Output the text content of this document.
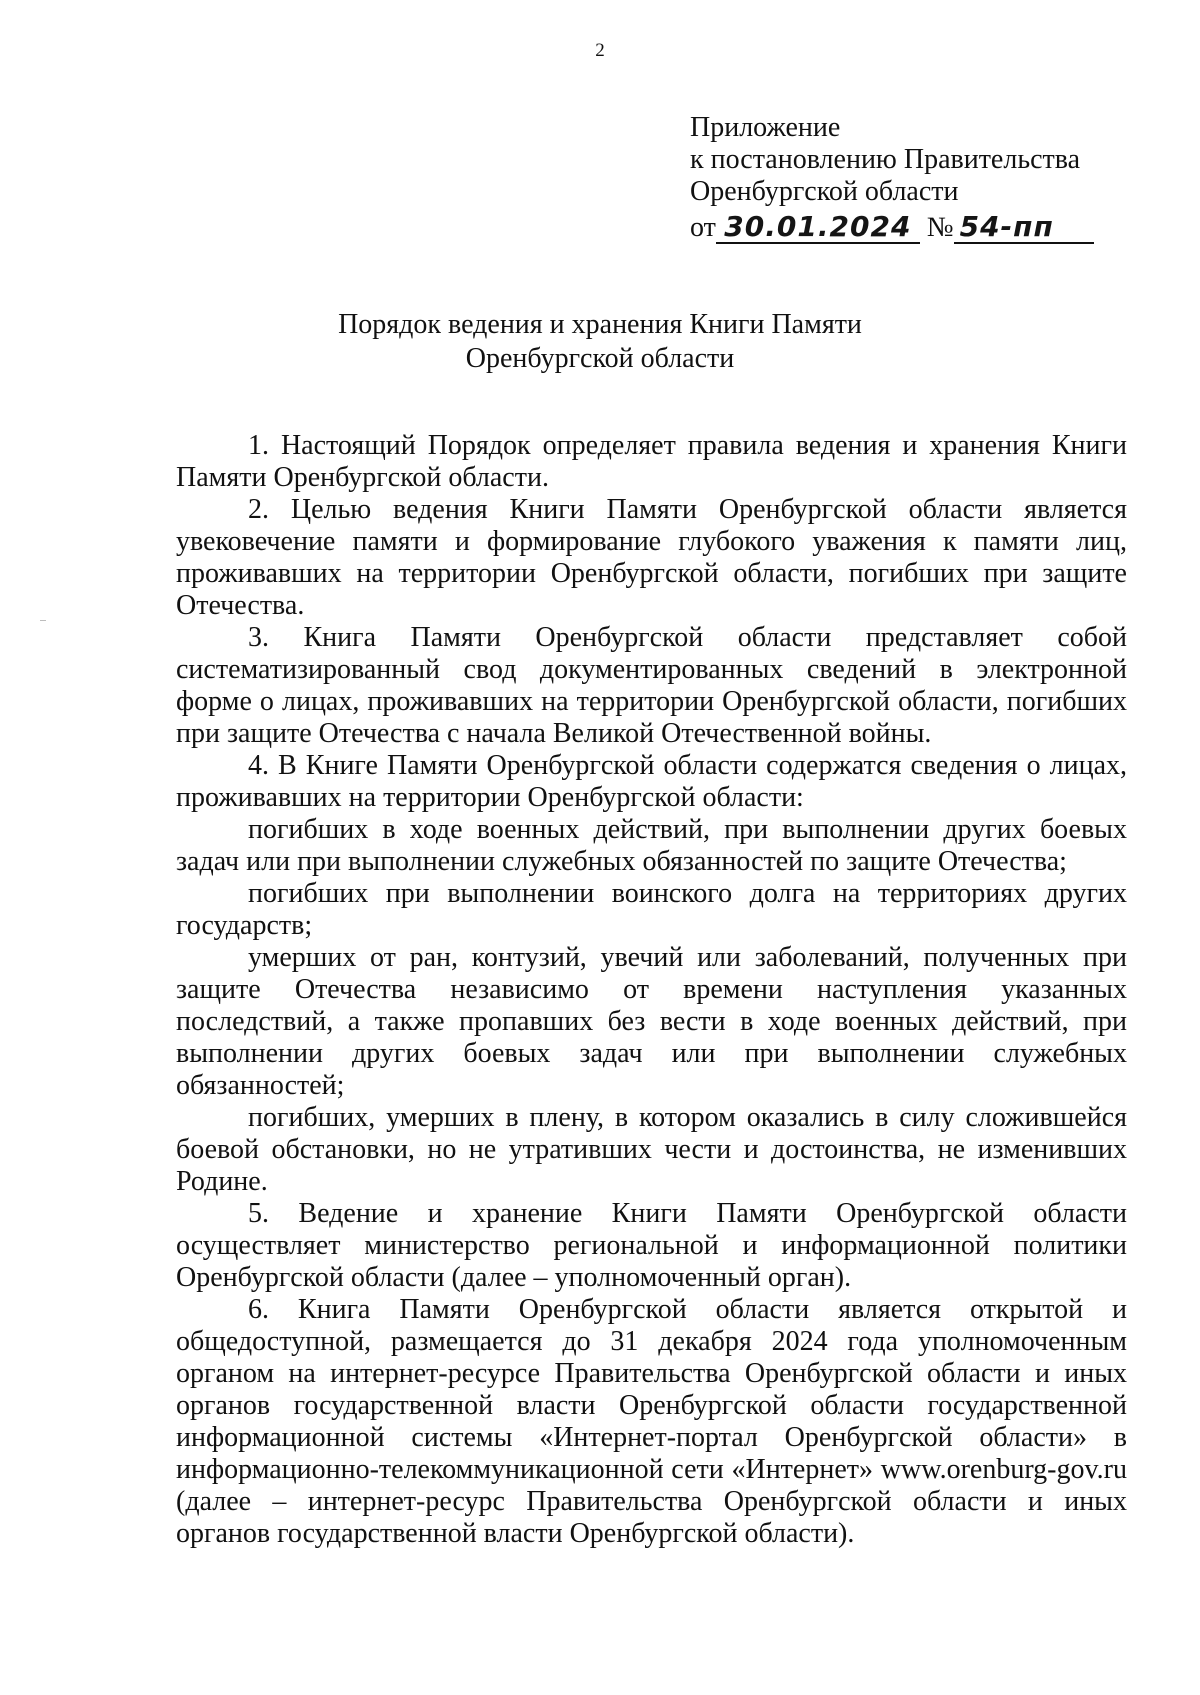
2
Приложение
к постановлению Правительства
Оренбургской области
от 30.01.2024 № 54-пп
Порядок ведения и хранения Книги Памяти
Оренбургской области

1. Настоящий Порядок определяет правила ведения и хранения Книги Памяти Оренбургской области.

2. Целью ведения Книги Памяти Оренбургской области является увековечение памяти и формирование глубокого уважения к памяти лиц, проживавших на территории Оренбургской области, погибших при защите Отечества.

3. Книга Памяти Оренбургской области представляет собой систематизированный свод документированных сведений в электронной форме о лицах, проживавших на территории Оренбургской области, погибших при защите Отечества с начала Великой Отечественной войны.

4. В Книге Памяти Оренбургской области содержатся сведения о лицах, проживавших на территории Оренбургской области:

погибших в ходе военных действий, при выполнении других боевых задач или при выполнении служебных обязанностей по защите Отечества;

погибших при выполнении воинского долга на территориях других государств;

умерших от ран, контузий, увечий или заболеваний, полученных при защите Отечества независимо от времени наступления указанных последствий, а также пропавших без вести в ходе военных действий, при выполнении других боевых задач или при выполнении служебных обязанностей;

погибших, умерших в плену, в котором оказались в силу сложившейся боевой обстановки, но не утративших чести и достоинства, не изменивших Родине.

5. Ведение и хранение Книги Памяти Оренбургской области осуществляет министерство региональной и информационной политики Оренбургской области (далее – уполномоченный орган).

6. Книга Памяти Оренбургской области является открытой и общедоступной, размещается до 31 декабря 2024 года уполномоченным органом на интернет-ресурсе Правительства Оренбургской области и иных органов государственной власти Оренбургской области государственной информационной системы «Интернет-портал Оренбургской области» в информационно-телекоммуникационной сети «Интернет» www.orenburg-gov.ru (далее – интернет-ресурс Правительства Оренбургской области и иных органов государственной власти Оренбургской области).
